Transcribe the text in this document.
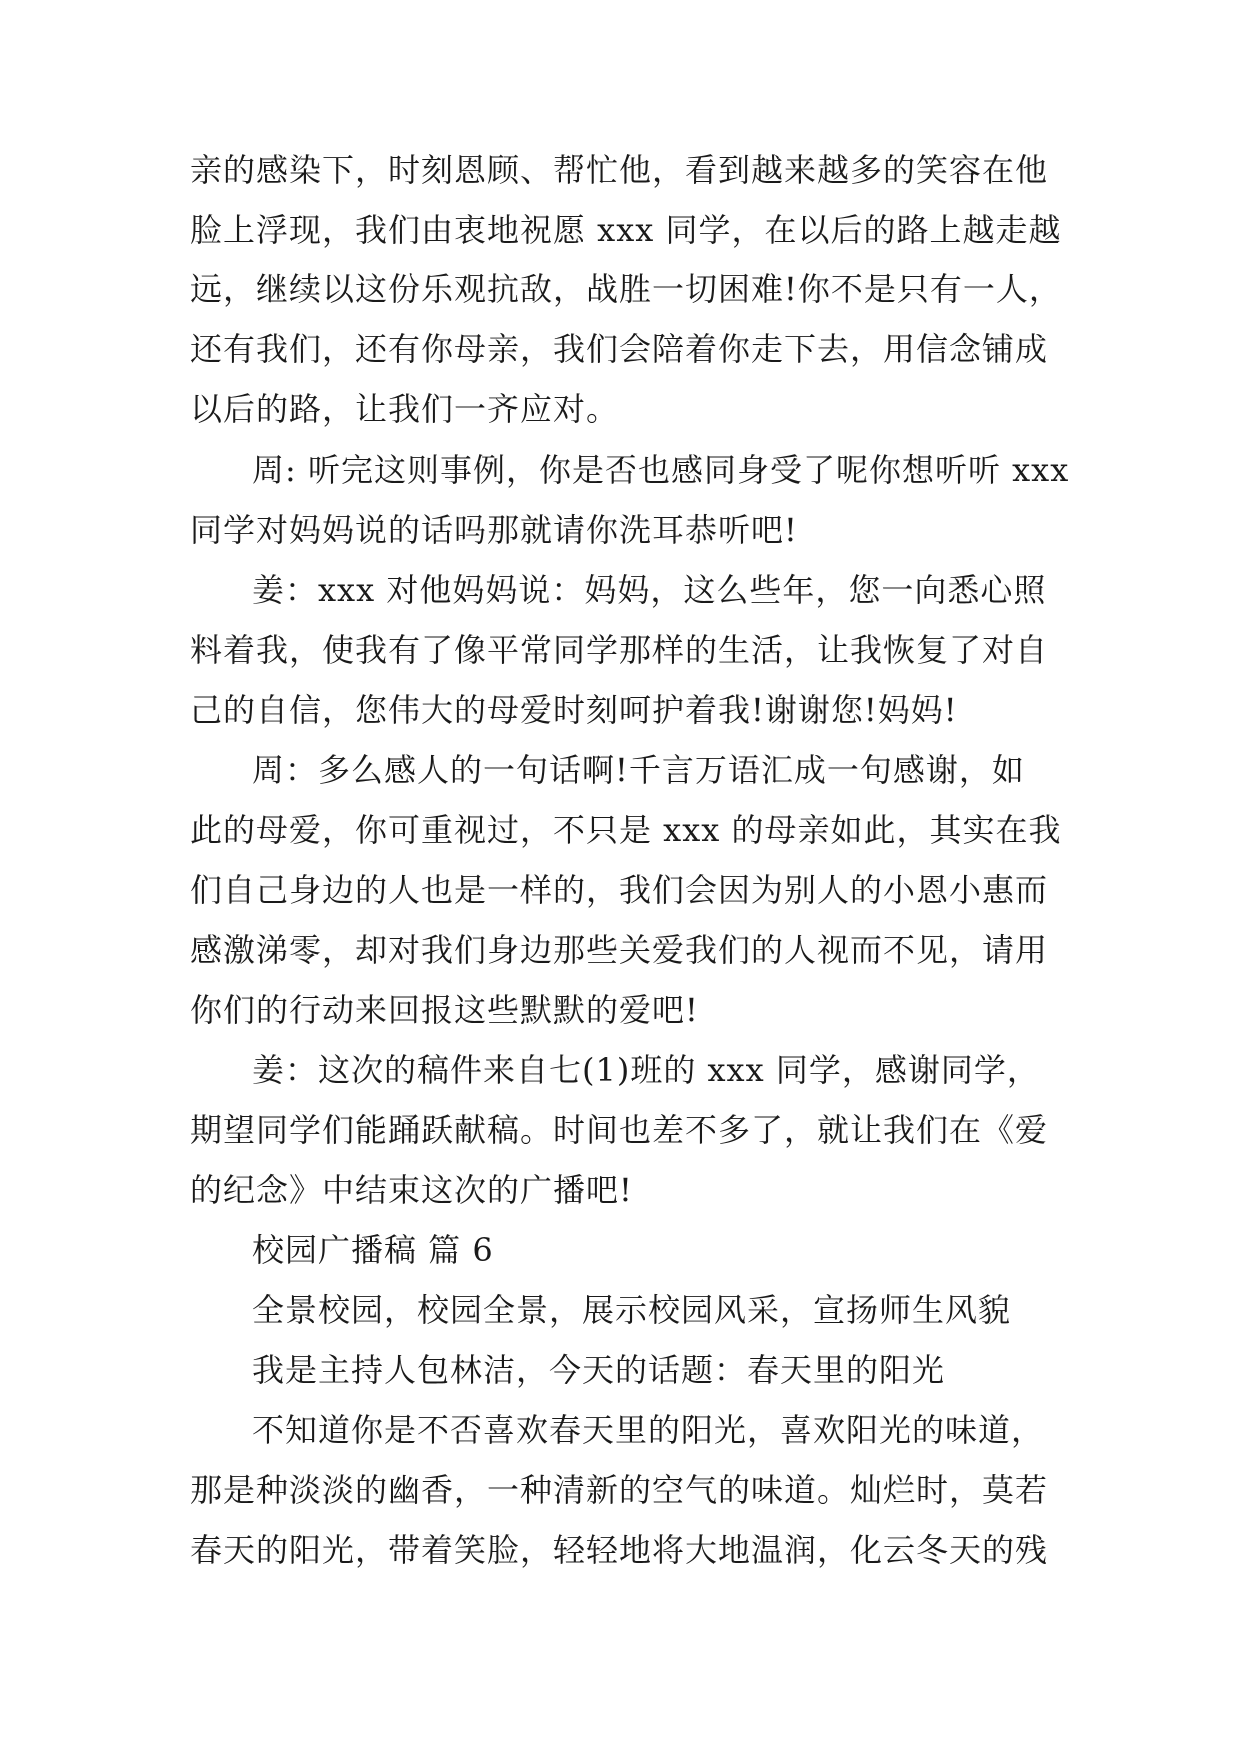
亲的感染下，时刻恩顾、帮忙他，看到越来越多的笑容在他
脸上浮现，我们由衷地祝愿 xxx 同学，在以后的路上越走越
远，继续以这份乐观抗敌，战胜一切困难!你不是只有一人，
还有我们，还有你母亲，我们会陪着你走下去，用信念铺成
以后的路，让我们一齐应对。
周: 听完这则事例，你是否也感同身受了呢你想听听 xxx
同学对妈妈说的话吗那就请你洗耳恭听吧!
姜：xxx 对他妈妈说：妈妈，这么些年，您一向悉心照
料着我，使我有了像平常同学那样的生活，让我恢复了对自
己的自信，您伟大的母爱时刻呵护着我!谢谢您!妈妈!
周：多么感人的一句话啊!千言万语汇成一句感谢，如
此的母爱，你可重视过，不只是 xxx 的母亲如此，其实在我
们自己身边的人也是一样的，我们会因为别人的小恩小惠而
感激涕零，却对我们身边那些关爱我们的人视而不见，请用
你们的行动来回报这些默默的爱吧!
姜：这次的稿件来自七(1)班的 xxx 同学，感谢同学，
期望同学们能踊跃献稿。时间也差不多了，就让我们在《爱
的纪念》中结束这次的广播吧!
校园广播稿 篇 6
全景校园，校园全景，展示校园风采，宣扬师生风貌
我是主持人包林洁，今天的话题：春天里的阳光
不知道你是不否喜欢春天里的阳光，喜欢阳光的味道，
那是种淡淡的幽香，一种清新的空气的味道。灿烂时，莫若
春天的阳光，带着笑脸，轻轻地将大地温润，化云冬天的残
